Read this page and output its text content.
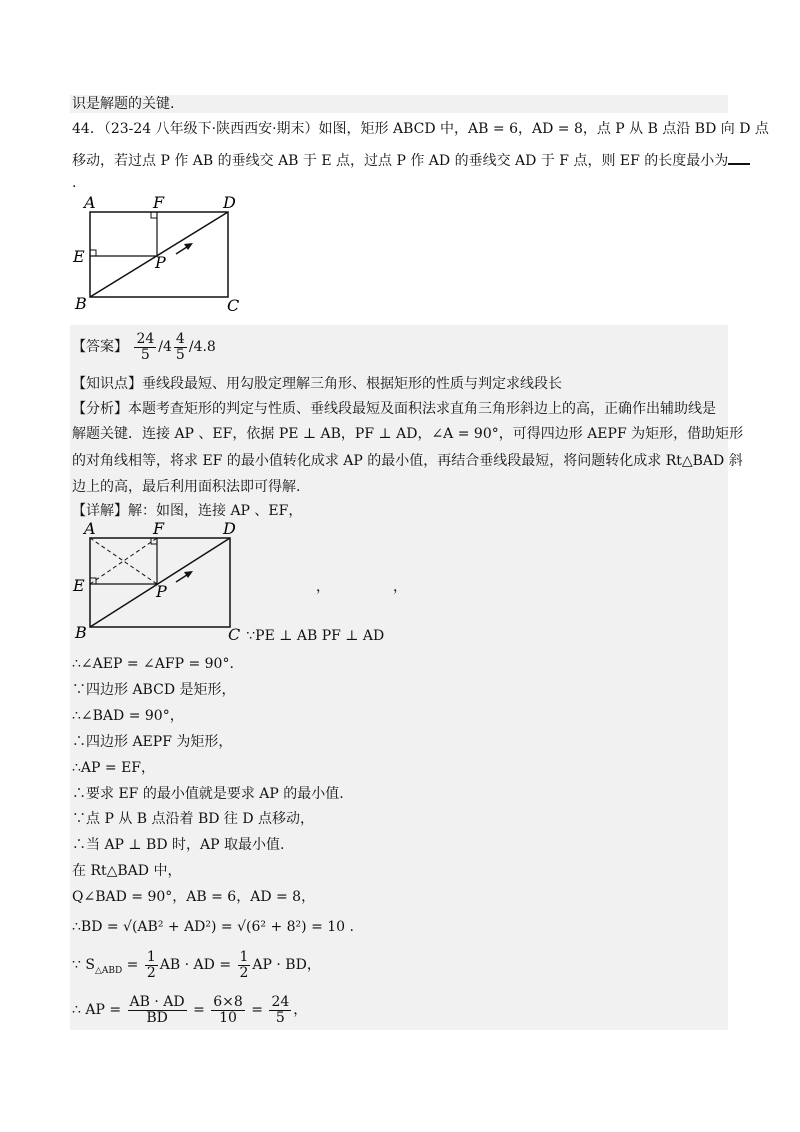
识是解题的关键.
44．（23-24 八年级下·陕西西安·期末）如图，矩形 ABCD 中，AB = 6，AD = 8，点 P 从 B 点沿 BD 向 D 点
移动，若过点 P 作 AB 的垂线交 AB 于 E 点，过点 P 作 AD 的垂线交 AD 于 F 点，则 EF 的长度最小为
.
A	F	D
E	P
B	C
【答案】 $\frac{24}{5} /4 \frac{4}{5} /4.8$
【知识点】垂线段最短、用勾股定理解三角形、根据矩形的性质与判定求线段长
【分析】本题考查矩形的判定与性质、垂线段最短及面积法求直角三角形斜边上的高，正确作出辅助线是
解题关键．连接 AP 、EF，依据 PE ⊥ AB，PF ⊥ AD，∠A = 90°，可得四边形 AEPF 为矩形，借助矩形
的对角线相等，将求 EF 的最小值转化成求 AP 的最小值，再结合垂线段最短，将问题转化成求 Rt△BAD 斜
边上的高，最后利用面积法即可得解.
【详解】解：如图，连接 AP 、EF，
A	F	D
E	P
B
，	，
C ∵PE ⊥ AB PF ⊥ AD
∴∠AEP = ∠AFP = 90°.
∵四边形 ABCD 是矩形，
∴∠BAD = 90°，
∴四边形 AEPF 为矩形，
∴AP = EF，
∴要求 EF 的最小值就是要求 AP 的最小值.
∵点 P 从 B 点沿着 BD 往 D 点移动，
∴当 AP ⊥ BD 时，AP 取最小值.
在 Rt△BAD 中，
Q∠BAD = 90°，AB = 6，AD = 8，
∴BD = √(AB² + AD²) = √(6² + 8²) = 10 .
∵ $S_{\triangle ABD} = \frac{1}{2}$ AB · AD = $\frac{1}{2}$ AP · BD，
∴ AP = $\frac{AB \cdot AD}{BD} = \frac{6\times 8}{10} = \frac{24}{5}$ ，
